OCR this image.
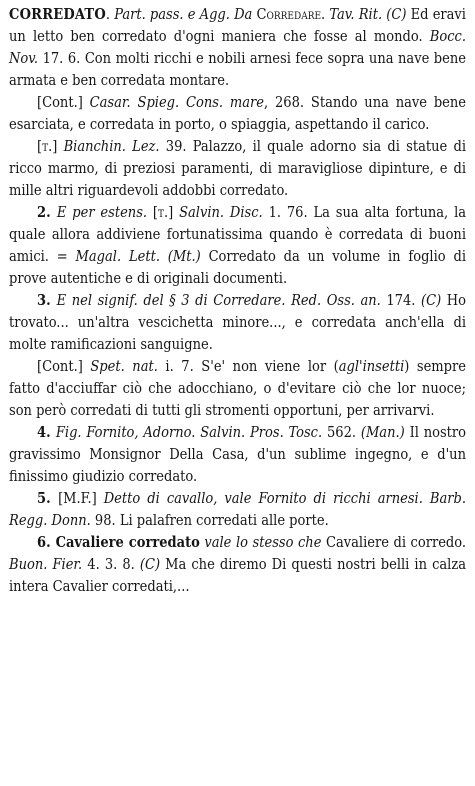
CORREDATO. Part. pass. e Agg. Da Corredare. Tav. Rit. (C) Ed eravi un letto ben corredato d'ogni maniera che fosse al mondo. Bocc. Nov. 17. 6. Con molti ricchi e nobili arnesi fece sopra una nave bene armata e ben corredata montare.

[Cont.] Casar. Spieg. Cons. mare, 268. Stando una nave bene esarciata, e corredata in porto, o spiaggia, aspettando il carico.

[t.] Bianchin. Lez. 39. Palazzo, il quale adorno sia di statue di ricco marmo, di preziosi paramenti, di maravigliose dipinture, e di mille altri riguardevoli addobbi corredato.

2. E per estens. [t.] Salvin. Disc. 1. 76. La sua alta fortuna, la quale allora addiviene fortunatissima quando è corredata di buoni amici. = Magal. Lett. (Mt.) Corredato da un volume in foglio di prove autentiche e di originali documenti.

3. E nel signif. del § 3 di Corredare. Red. Oss. an. 174. (C) Ho trovato... un'altra vescichetta minore..., e corredata anch'ella di molte ramificazioni sanguigne.

[Cont.] Spet. nat. i. 7. S'e' non viene lor (agl'insetti) sempre fatto d'acciuffar ciò che adocchiano, o d'evitare ciò che lor nuoce; son però corredati di tutti gli stromenti opportuni, per arrivarvi.

4. Fig. Fornito, Adorno. Salvin. Pros. Tosc. 562. (Man.) Il nostro gravissimo Monsignor Della Casa, d'un sublime ingegno, e d'un finissimo giudizio corredato.

5. [M.F.] Detto di cavallo, vale Fornito di ricchi arnesi. Barb. Regg. Donn. 98. Li palafren corredati alle porte.

6. Cavaliere corredato vale lo stesso che Cavaliere di corredo. Buon. Fier. 4. 3. 8. (C) Ma che diremo Di questi nostri belli in calza intera Cavalier corredati,...
